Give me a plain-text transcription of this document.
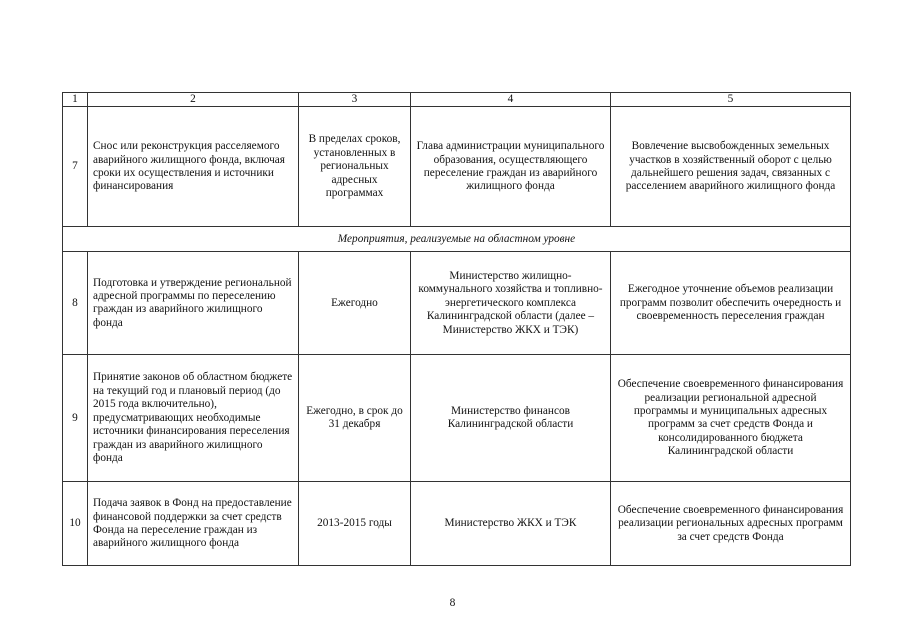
1	2	3	4	5
7	Снос или реконструкция расселяемого аварийного жилищного фонда, включая сроки их осуществления и источники финансирования	В пределах сроков, установленных в региональных адресных программах	Глава администрации муниципального образования, осуществляющего переселение граждан из аварийного жилищного фонда	Вовлечение высвобожденных земельных участков в хозяйственный оборот с целью дальнейшего решения задач, связанных с расселением аварийного жилищного фонда
Мероприятия, реализуемые на областном уровне				
8	Подготовка и утверждение региональной адресной программы по переселению граждан из аварийного жилищного фонда	Ежегодно	Министерство жилищно-коммунального хозяйства и топливно-энергетического комплекса Калининградской области (далее – Министерство ЖКХ и ТЭК)	Ежегодное уточнение объемов реализации программ позволит обеспечить очередность и своевременность переселения граждан
9	Принятие законов об областном бюджете на текущий год и плановый период (до 2015 года включительно), предусматривающих необходимые источники финансирования переселения граждан из аварийного жилищного фонда	Ежегодно, в срок до 31 декабря	Министерство финансов Калининградской области	Обеспечение своевременного финансирования реализации региональной адресной программы и муниципальных адресных программ за счет средств Фонда и консолидированного бюджета Калининградской области
10	Подача заявок в Фонд на предоставление финансовой поддержки за счет средств Фонда на переселение граждан из аварийного жилищного фонда	2013-2015 годы	Министерство ЖКХ и ТЭК	Обеспечение своевременного финансирования реализации региональных адресных программ за счет средств Фонда
8
